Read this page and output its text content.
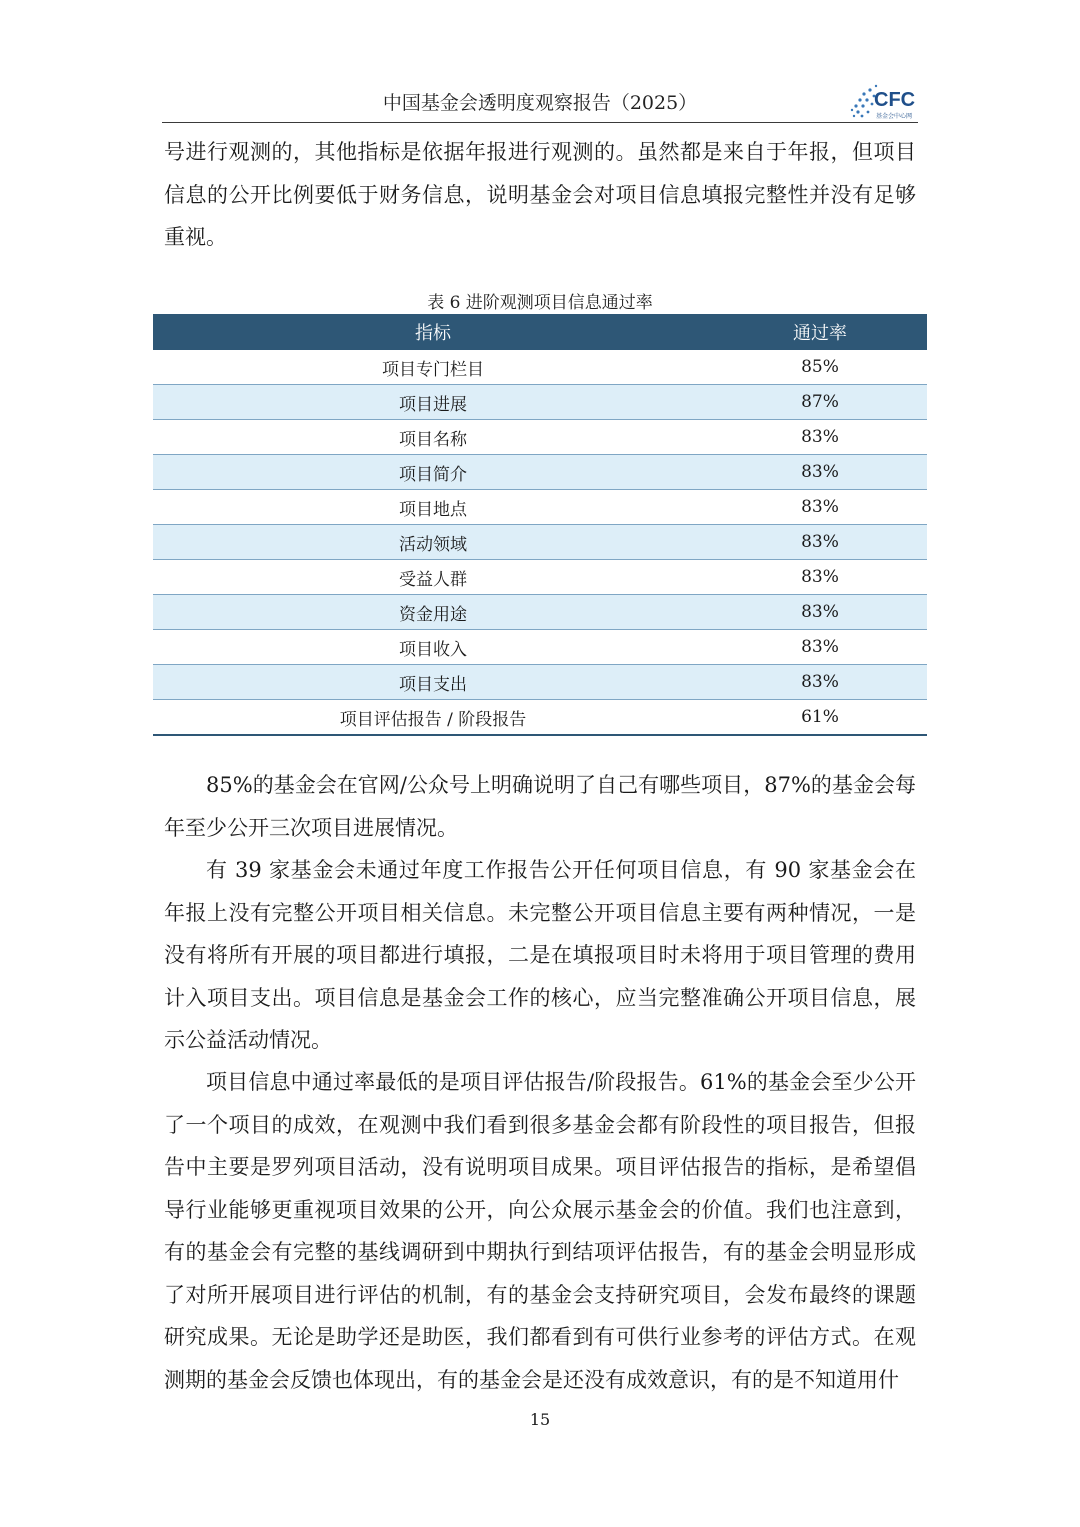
中国基金会透明度观察报告（2025）	CFC
基金会中心网

号进行观测的，其他指标是依据年报进行观测的。虽然都是来自于年报，但项目信息的公开比例要低于财务信息，说明基金会对项目信息填报完整性并没有足够重视。

表 6 进阶观测项目信息通过率
指标	通过率
项目专门栏目	85%
项目进展	87%
项目名称	83%
项目简介	83%
项目地点	83%
活动领域	83%
受益人群	83%
资金用途	83%
项目收入	83%
项目支出	83%
项目评估报告 / 阶段报告	61%

85%的基金会在官网/公众号上明确说明了自己有哪些项目，87%的基金会每年至少公开三次项目进展情况。

有 39 家基金会未通过年度工作报告公开任何项目信息，有 90 家基金会在年报上没有完整公开项目相关信息。未完整公开项目信息主要有两种情况，一是没有将所有开展的项目都进行填报，二是在填报项目时未将用于项目管理的费用计入项目支出。项目信息是基金会工作的核心，应当完整准确公开项目信息，展示公益活动情况。

项目信息中通过率最低的是项目评估报告/阶段报告。61%的基金会至少公开了一个项目的成效，在观测中我们看到很多基金会都有阶段性的项目报告，但报告中主要是罗列项目活动，没有说明项目成果。项目评估报告的指标，是希望倡导行业能够更重视项目效果的公开，向公众展示基金会的价值。我们也注意到，有的基金会有完整的基线调研到中期执行到结项评估报告，有的基金会明显形成了对所开展项目进行评估的机制，有的基金会支持研究项目，会发布最终的课题研究成果。无论是助学还是助医，我们都看到有可供行业参考的评估方式。在观测期的基金会反馈也体现出，有的基金会是还没有成效意识，有的是不知道用什

15
